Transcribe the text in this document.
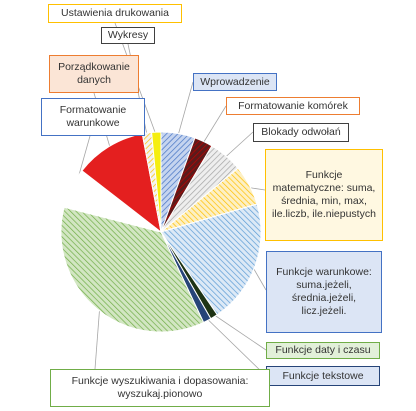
Wprowadzenie
Formatowanie komórek
Blokady odwołań
Funkcje matematyczne: suma, średnia, min, max, ile.liczb, ile.niepustych
Funkcje warunkowe: suma.jeżeli, średnia.jeżeli, licz.jeżeli.
Funkcje daty i czasu
Funkcje tekstowe
Funkcje wyszukiwania i dopasowania: wyszukaj.pionowo
Formatowanie warunkowe
Porządkowanie danych
Wykresy
Ustawienia drukowania
